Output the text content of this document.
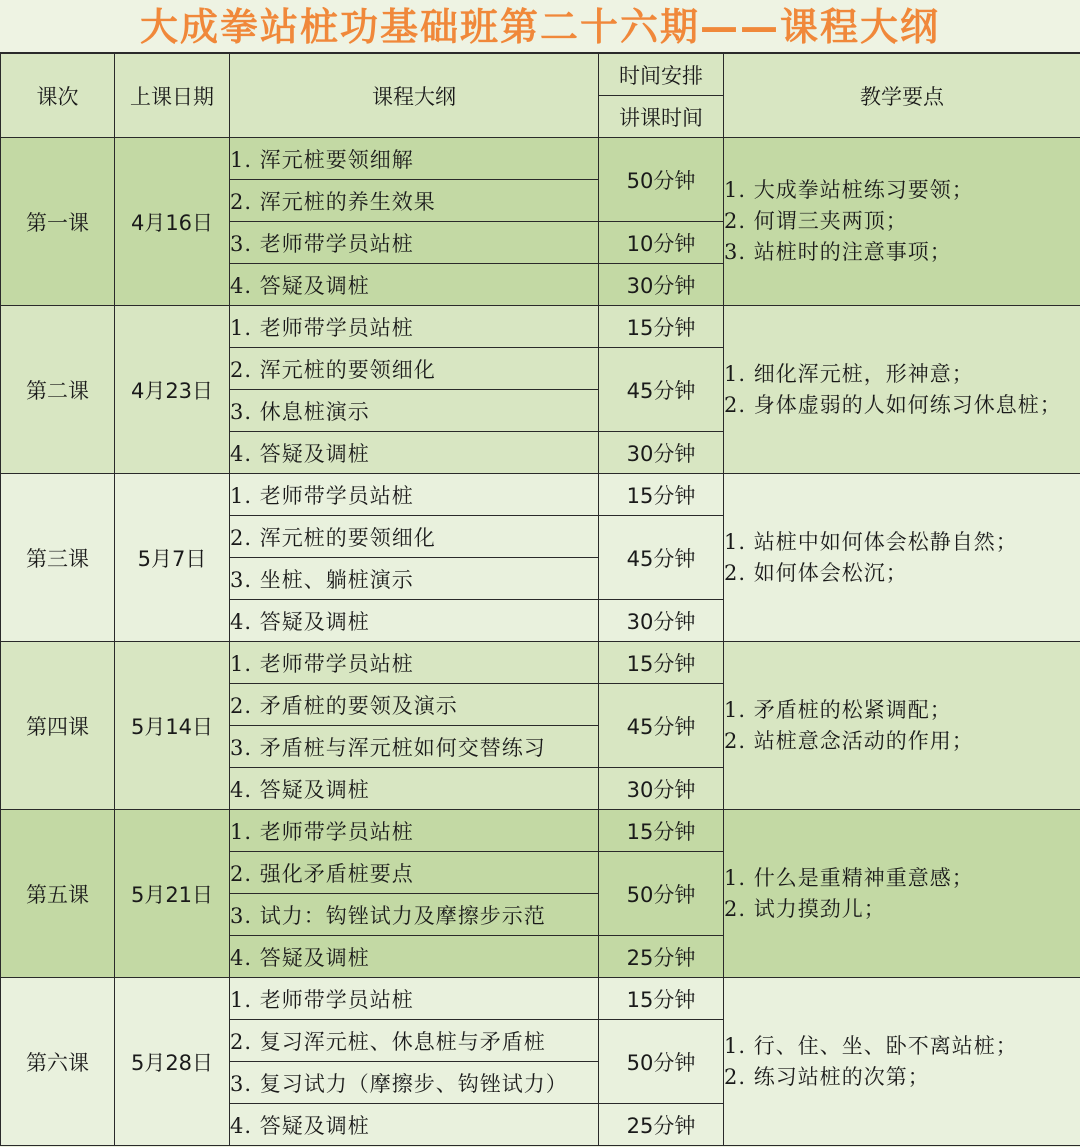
大成拳站桩功基础班第二十六期——课程大纲
课次	上课日期	课程大纲	时间安排	教学要点
			讲课时间	
第一课	4月16日	1. 浑元桩要领细解	50分钟	1. 大成拳站桩练习要领；
2. 何谓三夹两顶；
3. 站桩时的注意事项；

		2. 浑元桩的养生效果		
		3. 老师带学员站桩	10分钟	
		4. 答疑及调桩	30分钟	
第二课	4月23日	1. 老师带学员站桩	15分钟	1. 细化浑元桩，形神意；
2. 身体虚弱的人如何练习休息桩；

		2. 浑元桩的要领细化	45分钟	
		3. 休息桩演示		
		4. 答疑及调桩	30分钟	
第三课	5月7日	1. 老师带学员站桩	15分钟	1. 站桩中如何体会松静自然；
2. 如何体会松沉；

		2. 浑元桩的要领细化	45分钟	
		3. 坐桩、躺桩演示		
		4. 答疑及调桩	30分钟	
第四课	5月14日	1. 老师带学员站桩	15分钟	1. 矛盾桩的松紧调配；
2. 站桩意念活动的作用；

		2. 矛盾桩的要领及演示	45分钟	
		3. 矛盾桩与浑元桩如何交替练习		
		4. 答疑及调桩	30分钟	
第五课	5月21日	1. 老师带学员站桩	15分钟	1. 什么是重精神重意感；
2. 试力摸劲儿；

		2. 强化矛盾桩要点	50分钟	
		3. 试力：钩锉试力及摩擦步示范		
		4. 答疑及调桩	25分钟	
第六课	5月28日	1. 老师带学员站桩	15分钟	1. 行、住、坐、卧不离站桩；
2. 练习站桩的次第；

		2. 复习浑元桩、休息桩与矛盾桩	50分钟	
		3. 复习试力（摩擦步、钩锉试力）		
		4. 答疑及调桩	25分钟	
